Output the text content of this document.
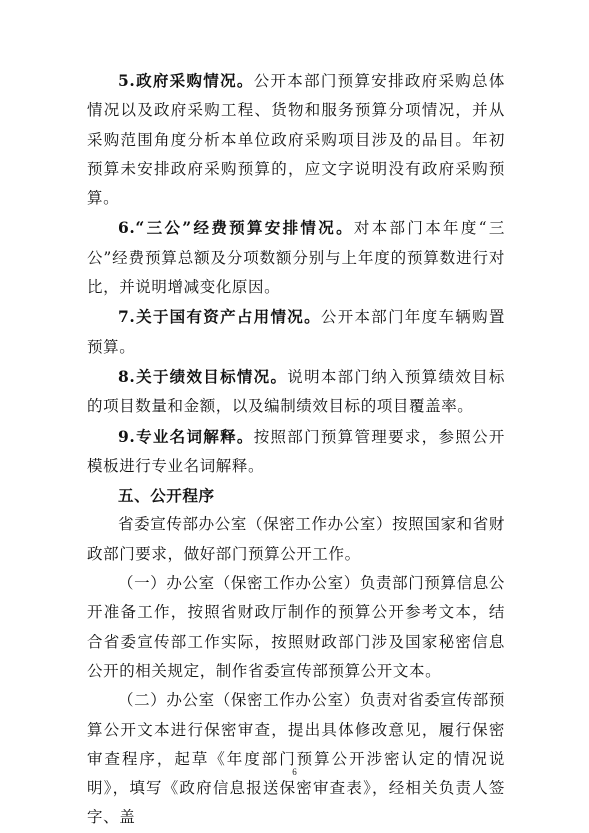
5.政府采购情况。公开本部门预算安排政府采购总体情况以及政府采购工程、货物和服务预算分项情况，并从采购范围角度分析本单位政府采购项目涉及的品目。年初预算未安排政府采购预算的，应文字说明没有政府采购预算。

6.“三公”经费预算安排情况。对本部门本年度“三公”经费预算总额及分项数额分别与上年度的预算数进行对比，并说明增减变化原因。

7.关于国有资产占用情况。公开本部门年度车辆购置预算。

8.关于绩效目标情况。说明本部门纳入预算绩效目标的项目数量和金额，以及编制绩效目标的项目覆盖率。

9.专业名词解释。按照部门预算管理要求，参照公开模板进行专业名词解释。

五、公开程序

省委宣传部办公室（保密工作办公室）按照国家和省财政部门要求，做好部门预算公开工作。

（一）办公室（保密工作办公室）负责部门预算信息公开准备工作，按照省财政厅制作的预算公开参考文本，结合省委宣传部工作实际，按照财政部门涉及国家秘密信息公开的相关规定，制作省委宣传部预算公开文本。

（二）办公室（保密工作办公室）负责对省委宣传部预算公开文本进行保密审查，提出具体修改意见，履行保密审查程序，起草《年度部门预算公开涉密认定的情况说明》，填写《政府信息报送保密审查表》，经相关负责人签字、盖

6
